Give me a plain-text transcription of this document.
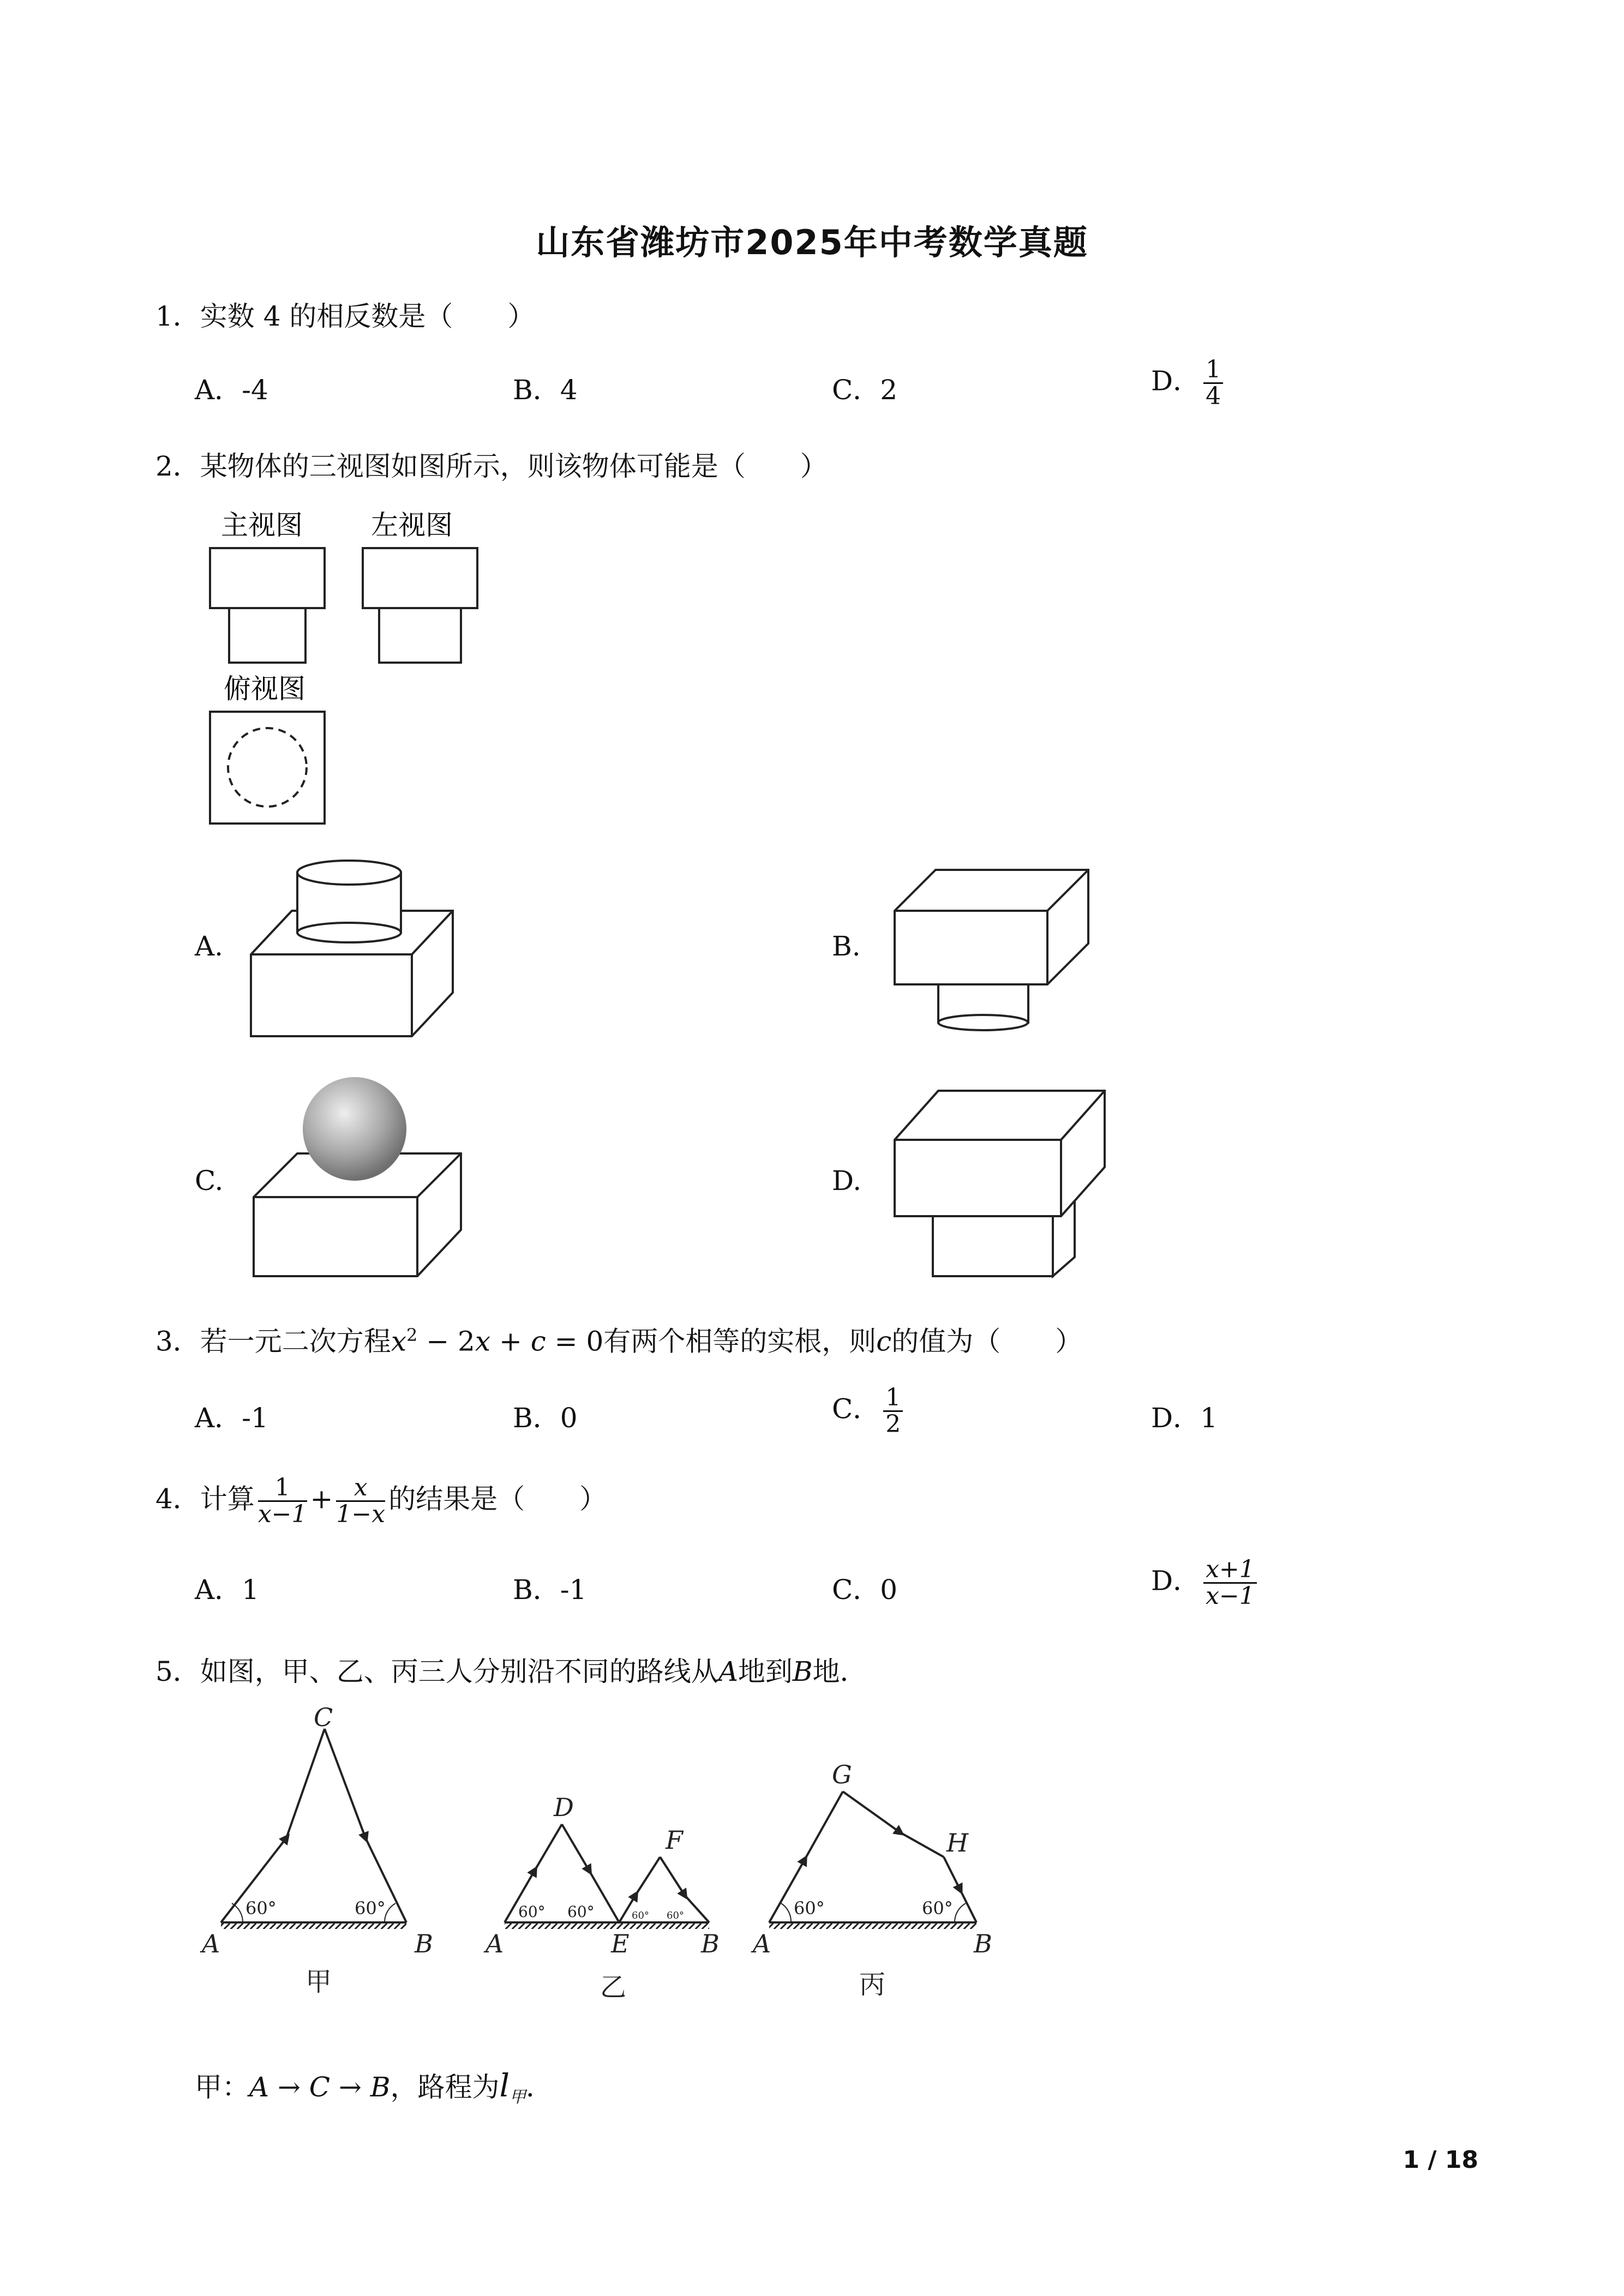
山东省潍坊市2025年中考数学真题
1．实数 4 的相反数是（　　）
A．-4	B．4	C．2	D． $\frac{1}{4}$
2．某物体的三视图如图所示，则该物体可能是（　　）
主视图	左视图
俯视图
A.	B.
C.	D.
3．若一元二次方程$x^2 - 2x + c = 0$有两个相等的实根，则c的值为（　　）
A．-1	B．0	C． $\frac{1}{2}$	D．1
4．计算 $\frac{1}{x-1} + \frac{x}{1-x}$ 的结果是（　　）
A．1	B．-1	C．0	D． $\frac{x+1}{x-1}$
5．如图，甲、乙、丙三人分别沿不同的路线从A地到B地．
C
A	B
D
F
A	E	B
G
H
A	B
60°	60°	60° 60°	60° 60°	60°	60°
甲	乙	丙
甲：A → C → B，路程为$l_甲$．
1 / 18
